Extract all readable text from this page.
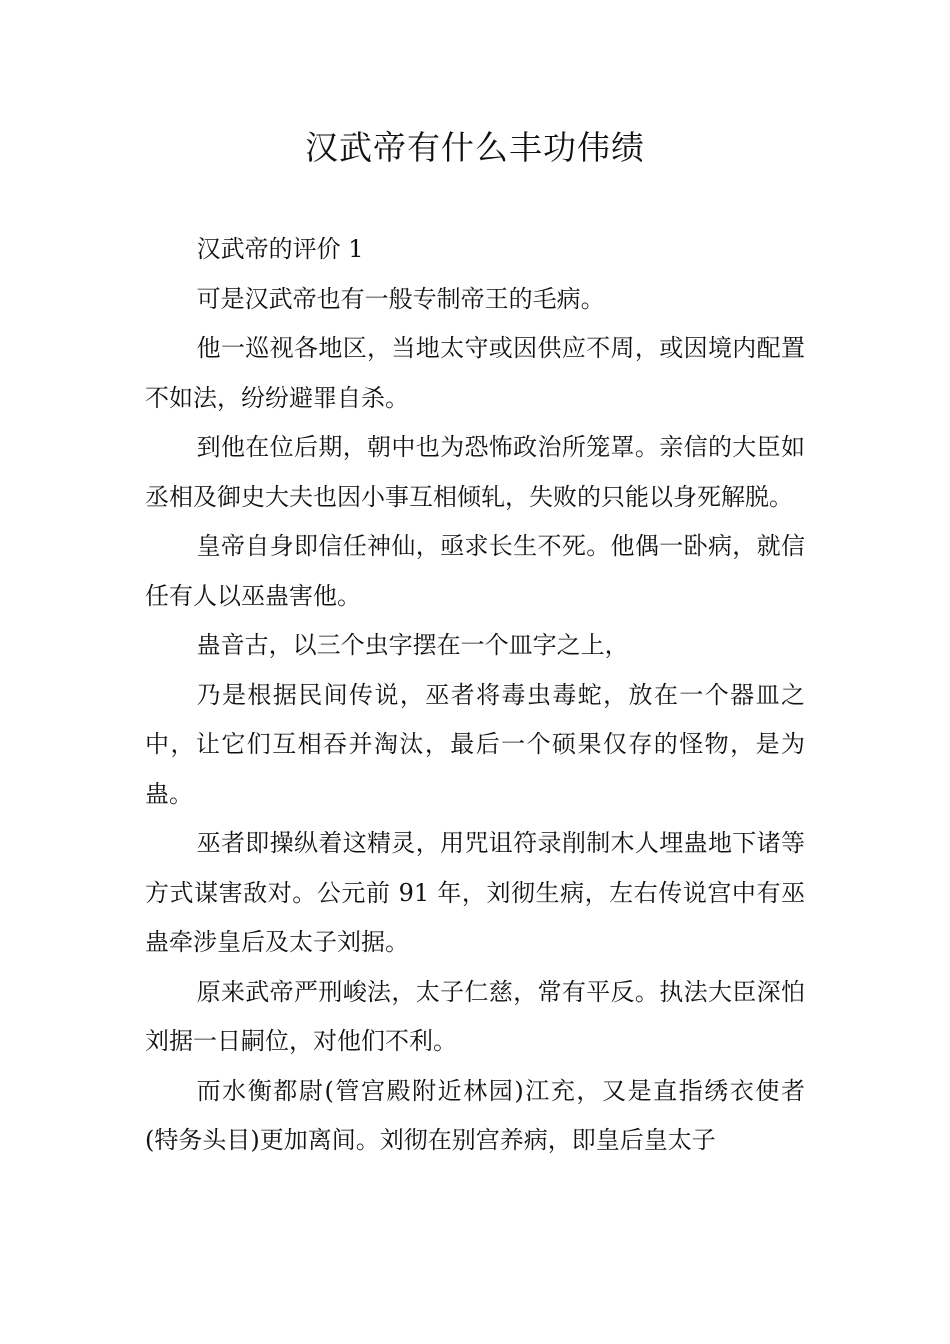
汉武帝有什么丰功伟绩

汉武帝的评价 1

可是汉武帝也有一般专制帝王的毛病。

他一巡视各地区，当地太守或因供应不周，或因境内配置不如法，纷纷避罪自杀。

到他在位后期，朝中也为恐怖政治所笼罩。亲信的大臣如丞相及御史大夫也因小事互相倾轧，失败的只能以身死解脱。

皇帝自身即信任神仙，亟求长生不死。他偶一卧病，就信任有人以巫蛊害他。

蛊音古，以三个虫字摆在一个皿字之上，

乃是根据民间传说，巫者将毒虫毒蛇，放在一个器皿之中，让它们互相吞并淘汰，最后一个硕果仅存的怪物，是为蛊。

巫者即操纵着这精灵，用咒诅符录削制木人埋蛊地下诸等方式谋害敌对。公元前 91 年，刘彻生病，左右传说宫中有巫蛊牵涉皇后及太子刘据。

原来武帝严刑峻法，太子仁慈，常有平反。执法大臣深怕刘据一日嗣位，对他们不利。

而水衡都尉(管宫殿附近林园)江充，又是直指绣衣使者 (特务头目)更加离间。刘彻在别宫养病，即皇后皇太子
